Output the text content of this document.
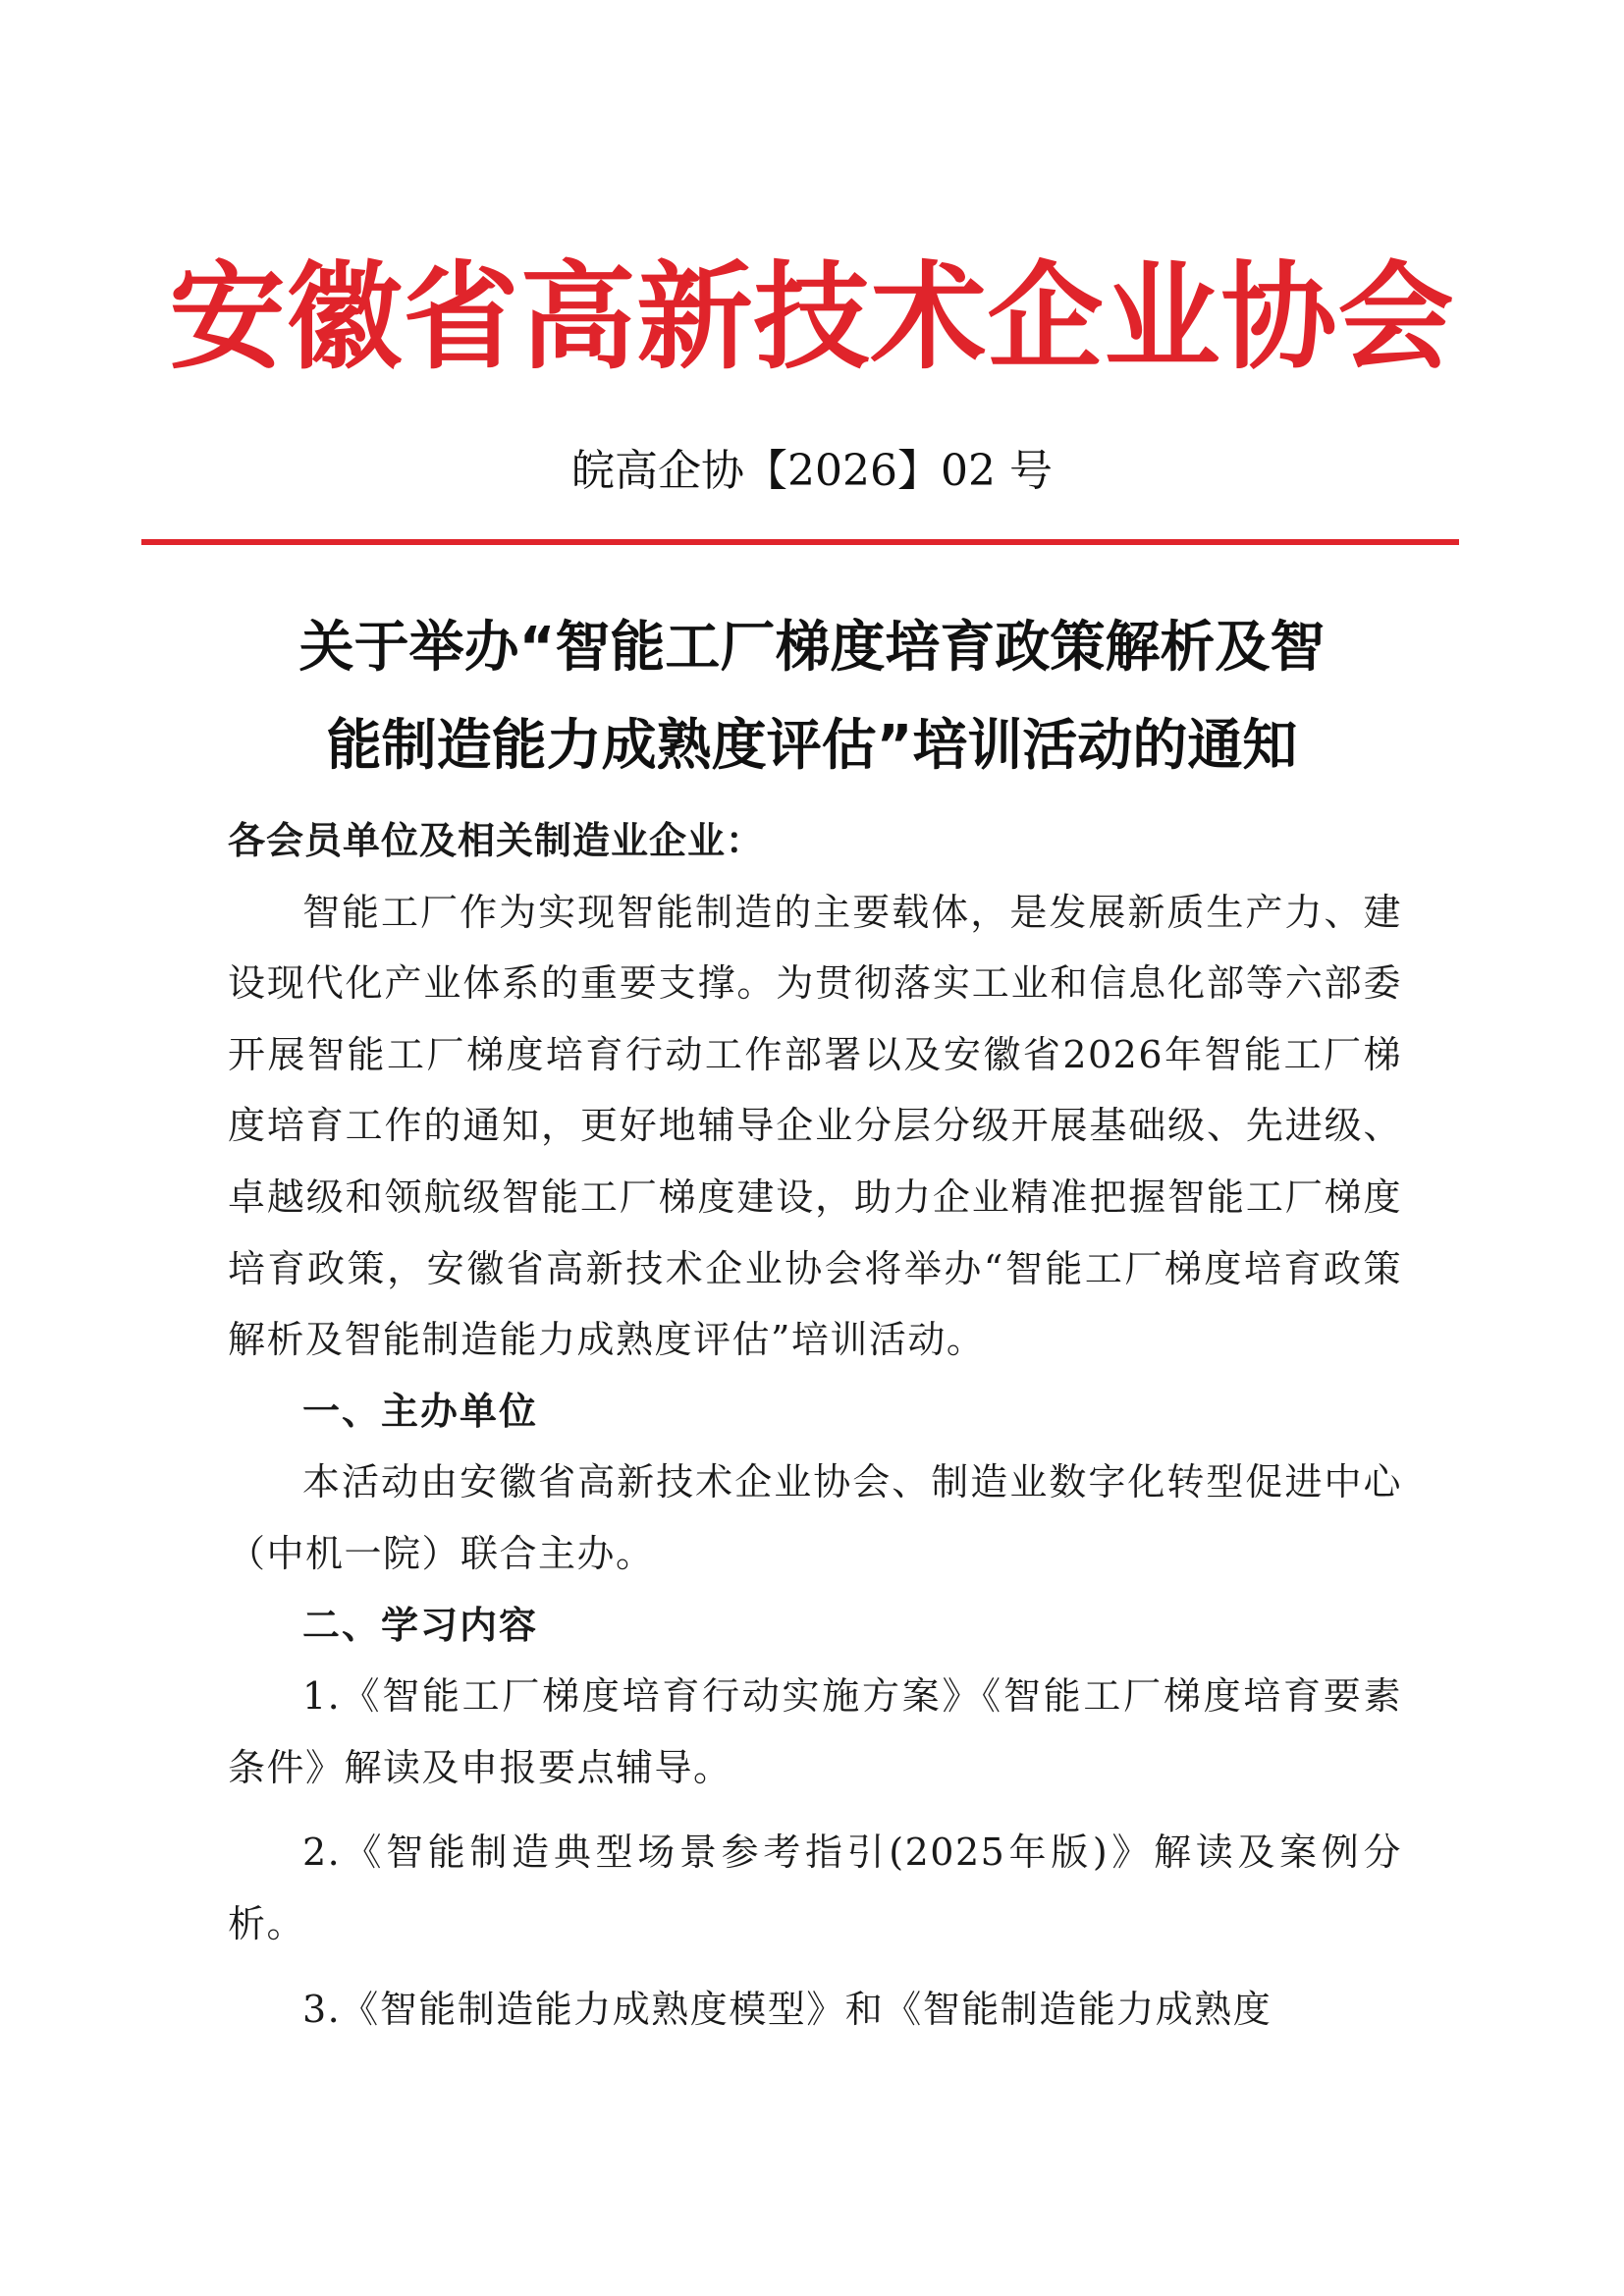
安徽省高新技术企业协会
皖高企协【2026】02 号
关于举办“智能工厂梯度培育政策解析及智
能制造能力成熟度评估”培训活动的通知
各会员单位及相关制造业企业：

智能工厂作为实现智能制造的主要载体，是发展新质生产力、建设现代化产业体系的重要支撑。为贯彻落实工业和信息化部等六部委开展智能工厂梯度培育行动工作部署以及安徽省2026年智能工厂梯度培育工作的通知，更好地辅导企业分层分级开展基础级、先进级、卓越级和领航级智能工厂梯度建设，助力企业精准把握智能工厂梯度培育政策，安徽省高新技术企业协会将举办“智能工厂梯度培育政策解析及智能制造能力成熟度评估”培训活动。

一、主办单位

本活动由安徽省高新技术企业协会、制造业数字化转型促进中心（中机一院）联合主办。

二、学习内容

1.《智能工厂梯度培育行动实施方案》《智能工厂梯度培育要素条件》解读及申报要点辅导。

2.《智能制造典型场景参考指引(2025年版)》解读及案例分析。

3.《智能制造能力成熟度模型》和《智能制造能力成熟度
